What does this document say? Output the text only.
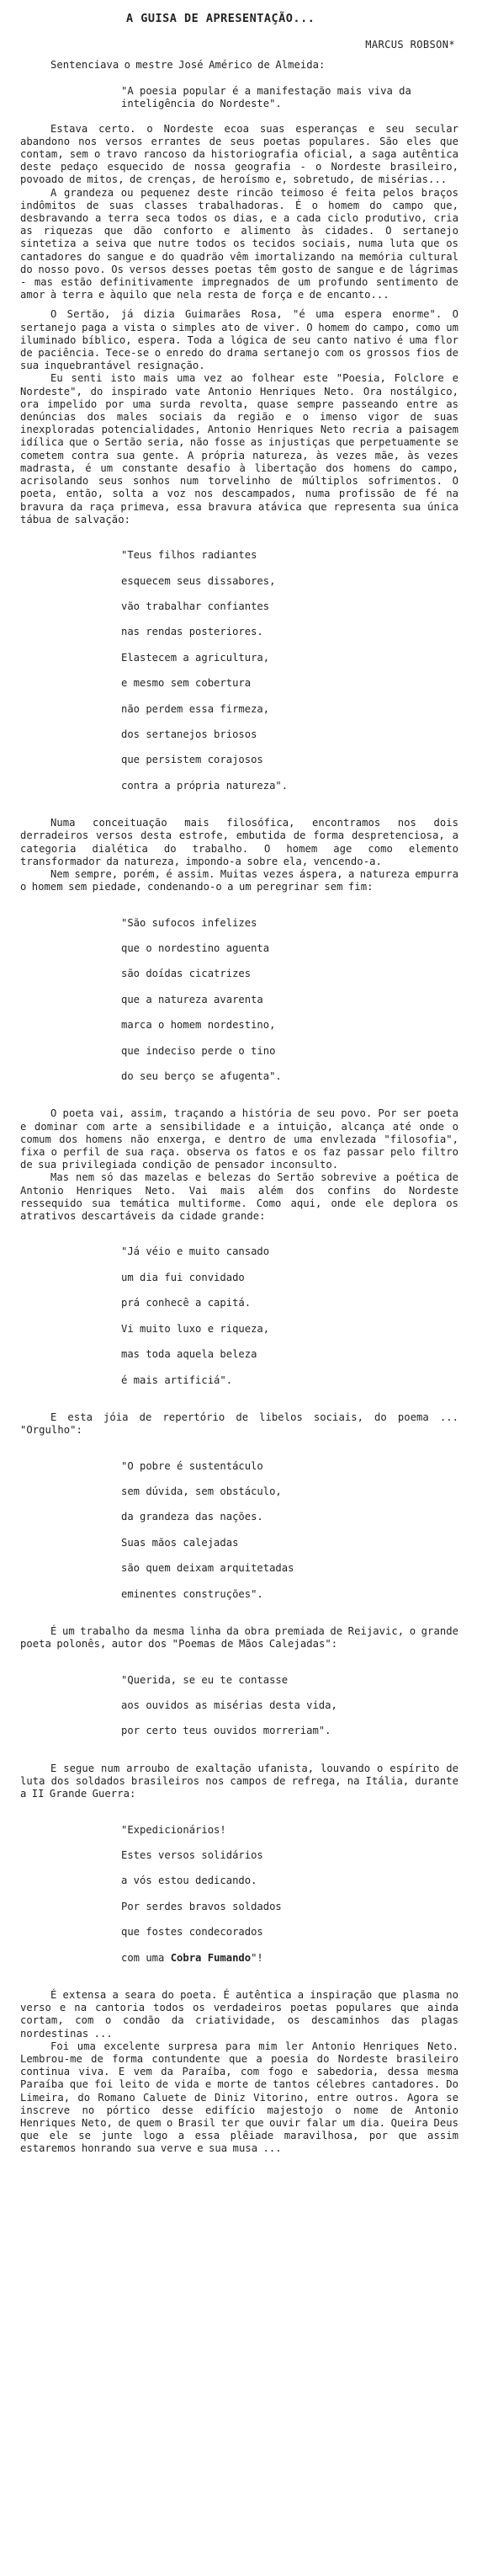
A GUISA DE APRESENTAÇÃO...
MARCUS ROBSON*

Sentenciava o mestre José Américo de Almeida:

"A poesia popular é a manifestação mais viva da inteligência do Nordeste".

Estava certo. o Nordeste ecoa suas esperanças e seu secular abandono nos versos errantes de seus poetas populares. São eles que contam, sem o travo rancoso da historiografia oficial, a saga autêntica deste pedaço esquecido de nossa geografia - o Nordeste brasileiro, povoado de mitos, de crenças, de heroísmo e, sobretudo, de misérias...

A grandeza ou pequenez deste rincão teimoso é feita pelos braços indômitos de suas classes trabalhadoras. É o homem do campo que, desbravando a terra seca todos os dias, e a cada ciclo produtivo, cria as riquezas que dão conforto e alimento às cidades. O sertanejo sintetiza a seiva que nutre todos os tecidos sociais, numa luta que os cantadores do sangue e do quadrão vêm imortalizando na memória cultural do nosso povo. Os versos desses poetas têm gosto de sangue e de lágrimas - mas estão definitivamente impregnados de um profundo sentimento de amor à terra e àquilo que nela resta de força e de encanto...

O Sertão, já dizia Guimarães Rosa, "é uma espera enorme". O sertanejo paga a vista o simples ato de viver. O homem do campo, como um iluminado bíblico, espera. Toda a lógica de seu canto nativo é uma flor de paciência. Tece-se o enredo do drama sertanejo com os grossos fios de sua inquebrantável resignação.

Eu senti isto mais uma vez ao folhear este "Poesia, Folclore e Nordeste", do inspirado vate Antonio Henriques Neto. Ora nostálgico, ora impelido por uma surda revolta, quase sempre passeando entre as denúncias dos males sociais da região e o imenso vigor de suas inexploradas potencialidades, Antonio Henriques Neto recria a paisagem idílica que o Sertão seria, não fosse as injustiças que perpetuamente se cometem contra sua gente. A própria natureza, às vezes mãe, às vezes madrasta, é um constante desafio à libertação dos homens do campo, acrisolando seus sonhos num torvelinho de múltiplos sofrimentos. O poeta, então, solta a voz nos descampados, numa profissão de fé na bravura da raça primeva, essa bravura atávica que representa sua única tábua de salvação:

"Teus filhos radiantes

esquecem seus dissabores,

vão trabalhar confiantes

nas rendas posteriores.

Elastecem a agricultura,

e mesmo sem cobertura

não perdem essa firmeza,

dos sertanejos briosos

que persistem corajosos

contra a própria natureza".

Numa conceituação mais filosófica, encontramos nos dois derradeiros versos desta estrofe, embutida de forma despretenciosa, a categoria dialética do trabalho. O homem age como elemento transformador da natureza, impondo-a sobre ela, vencendo-a.

Nem sempre, porém, é assim. Muitas vezes áspera, a natureza empurra o homem sem piedade, condenando-o a um peregrinar sem fim:

"São sufocos infelizes

que o nordestino aguenta

são doídas cicatrizes

que a natureza avarenta

marca o homem nordestino,

que indeciso perde o tino

do seu berço se afugenta".

O poeta vai, assim, traçando a história de seu povo. Por ser poeta e dominar com arte a sensibilidade e a intuição, alcança até onde o comum dos homens não enxerga, e dentro de uma envlezada "filosofia", fixa o perfil de sua raça. observa os fatos e os faz passar pelo filtro de sua privilegiada condição de pensador inconsulto.

Mas nem só das mazelas e belezas do Sertão sobrevive a poética de Antonio Henriques Neto. Vai mais além dos confins do Nordeste ressequido sua temática multiforme. Como aqui, onde ele deplora os atrativos descartáveis da cidade grande:

"Já véio e muito cansado

um dia fui convidado

prá conhecê a capitá.

Vi muito luxo e riqueza,

mas toda aquela beleza

é mais artificiá".

E esta jóia de repertório de libelos sociais, do poema ... "Orgulho":

"O pobre é sustentáculo

sem dúvida, sem obstáculo,

da grandeza das nações.

Suas mãos calejadas

são quem deixam arquitetadas

eminentes construções".

É um trabalho da mesma linha da obra premiada de Reijavic, o grande poeta polonês, autor dos "Poemas de Mãos Calejadas":

"Querida, se eu te contasse

aos ouvidos as misérias desta vida,

por certo teus ouvidos morreriam".

E segue num arroubo de exaltação ufanista, louvando o espírito de luta dos soldados brasileiros nos campos de refrega, na Itália, durante a II Grande Guerra:

"Expedicionários!

Estes versos solidários

a vós estou dedicando.

Por serdes bravos soldados

que fostes condecorados

com uma Cobra Fumando"!

É extensa a seara do poeta. É autêntica a inspiração que plasma no verso e na cantoria todos os verdadeiros poetas populares que ainda cortam, com o condão da criatividade, os descaminhos das plagas nordestinas ...

Foi uma excelente surpresa para mim ler Antonio Henriques Neto. Lembrou-me de forma contundente que a poesia do Nordeste brasileiro continua viva. E vem da Paraíba, com fogo e sabedoria, dessa mesma Paraíba que foi leito de vida e morte de tantos célebres cantadores. Do Limeira, do Romano Caluete de Diniz Vitorino, entre outros. Agora se inscreve no pórtico desse edifício majestojo o nome de Antonio Henriques Neto, de quem o Brasil ter que ouvir falar um dia. Queira Deus que ele se junte logo a essa plêiade maravilhosa, por que assim estaremos honrando sua verve e sua musa ...
